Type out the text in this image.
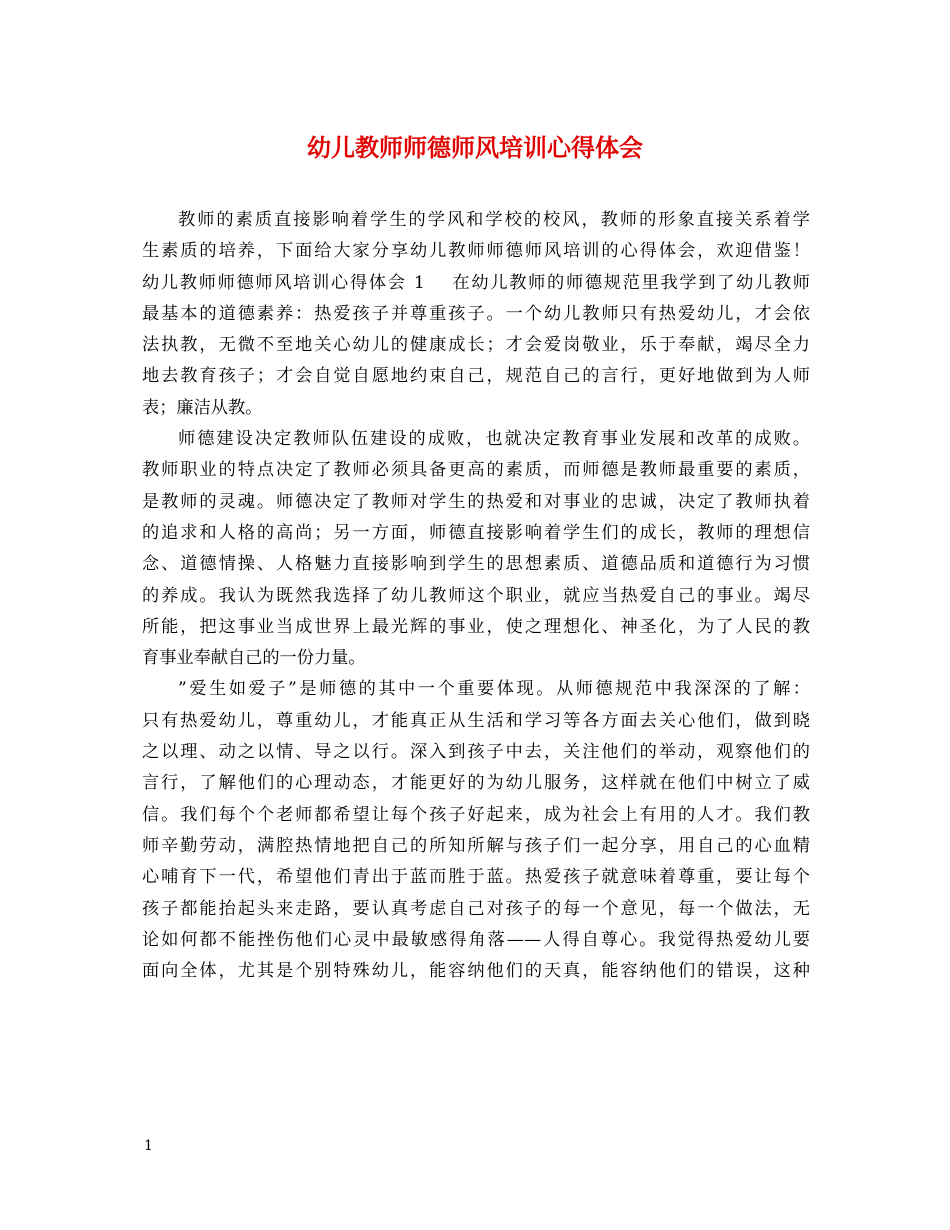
幼儿教师师德师风培训心得体会
教师的素质直接影响着学生的学风和学校的校风，教师的形象直接关系着学
生素质的培养，下面给大家分享幼儿教师师德师风培训的心得体会，欢迎借鉴！
幼儿教师师德师风培训心得体会 1 在幼儿教师的师德规范里我学到了幼儿教师
最基本的道德素养：热爱孩子并尊重孩子。一个幼儿教师只有热爱幼儿，才会依
法执教，无微不至地关心幼儿的健康成长；才会爱岗敬业，乐于奉献，竭尽全力
地去教育孩子；才会自觉自愿地约束自己，规范自己的言行，更好地做到为人师
表；廉洁从教。
师德建设决定教师队伍建设的成败，也就决定教育事业发展和改革的成败。
教师职业的特点决定了教师必须具备更高的素质，而师德是教师最重要的素质，
是教师的灵魂。师德决定了教师对学生的热爱和对事业的忠诚，决定了教师执着
的追求和人格的高尚；另一方面，师德直接影响着学生们的成长，教师的理想信
念、道德情操、人格魅力直接影响到学生的思想素质、道德品质和道德行为习惯
的养成。我认为既然我选择了幼儿教师这个职业，就应当热爱自己的事业。竭尽
所能，把这事业当成世界上最光辉的事业，使之理想化、神圣化，为了人民的教
育事业奉献自己的一份力量。
”爱生如爱子”是师德的其中一个重要体现。从师德规范中我深深的了解：
只有热爱幼儿，尊重幼儿，才能真正从生活和学习等各方面去关心他们，做到晓
之以理、动之以情、导之以行。深入到孩子中去，关注他们的举动，观察他们的
言行，了解他们的心理动态，才能更好的为幼儿服务，这样就在他们中树立了威
信。我们每个个老师都希望让每个孩子好起来，成为社会上有用的人才。我们教
师辛勤劳动，满腔热情地把自己的所知所解与孩子们一起分享，用自己的心血精
心哺育下一代，希望他们青出于蓝而胜于蓝。热爱孩子就意味着尊重，要让每个
孩子都能抬起头来走路，要认真考虑自己对孩子的每一个意见，每一个做法，无
论如何都不能挫伤他们心灵中最敏感得角落——人得自尊心。我觉得热爱幼儿要
面向全体，尤其是个别特殊幼儿，能容纳他们的天真，能容纳他们的错误，这种
1
